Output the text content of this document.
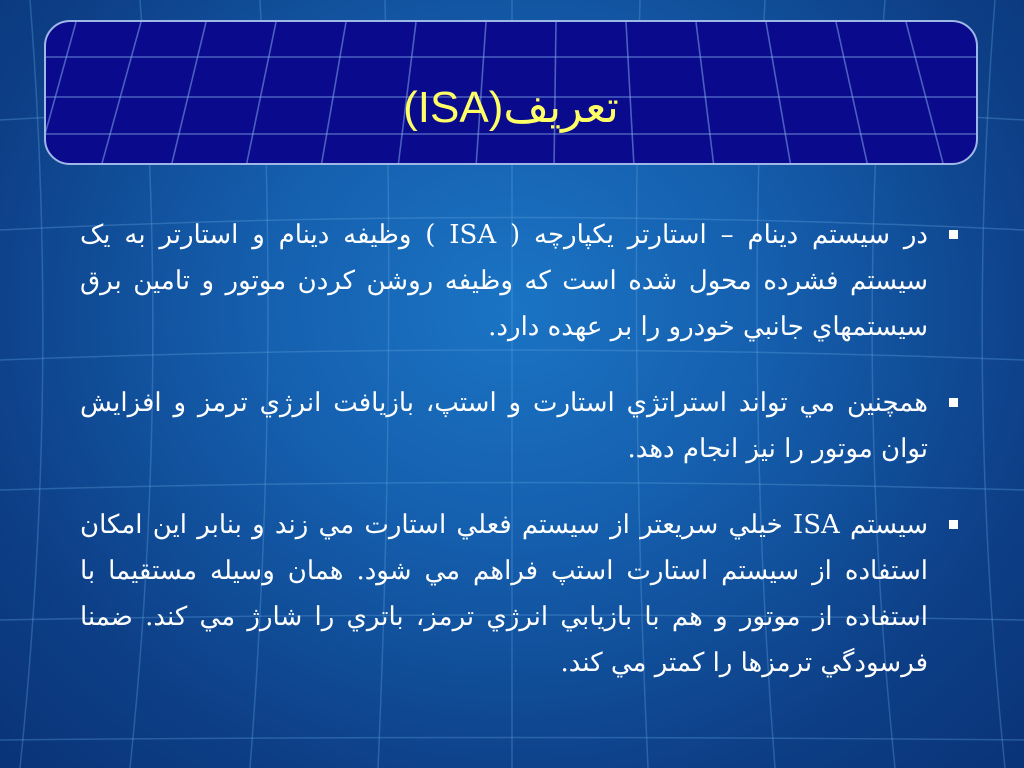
تعريف(ISA)
در سيستم دينام – استارتر يکپارچه ( ISA ) وظيفه دينام و استارتر به يک سيستم فشرده محول شده است که وظيفه روشن کردن موتور و تامين برق سيستمهاي جانبي خودرو را بر عهده دارد.
همچنين مي تواند استراتژي استارت و استپ، بازيافت انرژي ترمز و افزايش توان موتور را نيز انجام دهد.
سيستم ISA خيلي سريعتر از سيستم فعلي استارت مي زند و بنابر اين امکان استفاده از سيستم استارت استپ فراهم مي شود. همان وسيله مستقيما با استفاده از موتور و هم با بازيابي انرژي ترمز، باتري را شارژ مي کند. ضمنا فرسودگي ترمزها را کمتر مي کند.
